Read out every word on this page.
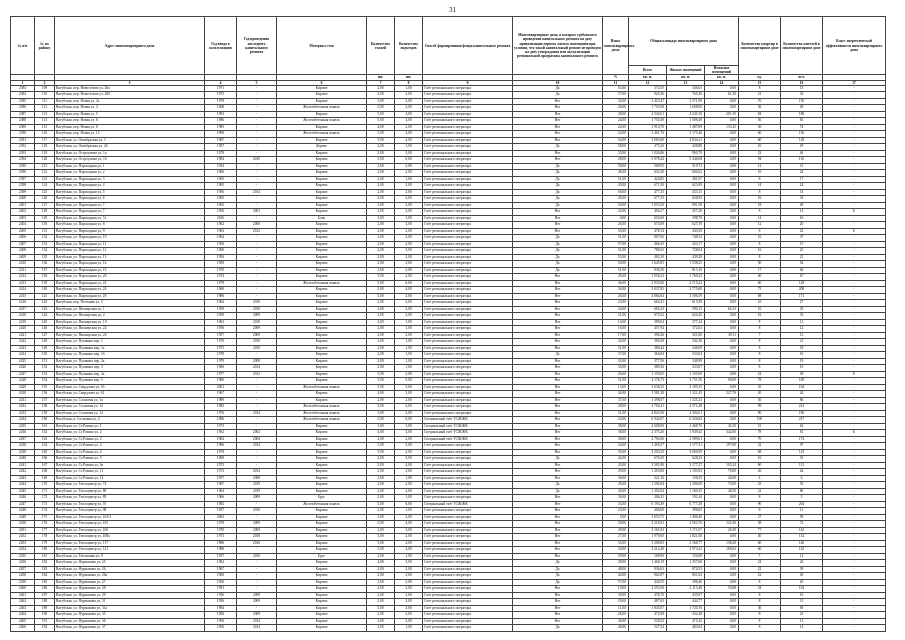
31
№ п/п	№ по району	Адрес многоквартирного дома	Год ввода в эксплуатацию	Год проведения последнего капитального ремонта	Материал стен	Количество этажей	Количество подъездов	Способ формирования фонда капитального ремонта	Многоквартирные дома, в которых требовалось проведение капитального ремонта на дату приватизации первого жилого помещения при условии, что такой капитальный ремонт не проведен на дату утверждения или актуализации региональной программы капитального ремонта	Износ многоквартирного дома	Общая площадь многоквартирного дома			Количество квартир в многоквартирном доме	Количество жителей в многоквартирном доме	Класс энергетической эффективности многоквартирного дома
											Всего	Жилых помещений	Нежилых помещений			
						шт.	шт.			%	кв. м.	кв. м.	кв. м.	ед.	чел.	
1	2	3	4	5	6	7	8	9	10	11	12	13	14	15	16	17
2383	109	Вагубская, пер. Новосёлова ул, 26а	1971	-	Кирпич	2,00	1,00	Счёт регионального оператора	Да	63,00	374,55	346,63	0,00	8	13	-
2384	110	Вагубская, пер. Новосёлова ул, 26б	1975	-	Кирпич	2,00	2,00	Счёт регионального оператора	Да	57,00	925,36	765,36	61,40	21	33	-
2385	111	Вагубская, пер. Новая ул, 2а	1978	-	Кирпич	5,00	2,00	Счёт регионального оператора	Нет	32,00	3 423,47	3 271,99	0,00	70	150	-
2386	112	Вагубская, пер. Новая ул, 4	1968	-	Железобетонная панель	5,00	2,00	Счёт регионального оператора	Нет	26,00	1 750,58	1 608,00	0,00	36	49	-
2387	113	Вагубская, пер. Новая ул, 5	1983	-	Кирпич	5,00	4,00	Счёт регионального оператора	Нет	28,00	4 542,61	4 241,50	201,50	84	180	-
2388	114	Вагубская, пер. Новая ул, 6	1986	-	Железобетонная панель	5,00	2,00	Счёт регионального оператора	Нет	24,00	1 754,49	1 588,49	0,00	36	65	-
2389	115	Вагубская, пер. Новая ул, 8	1985	-	Кирпич	4,00	2,00	Счёт регионального оператора	Нет	24,00	1 910,70	1 487,89	133,45	36	74	-
2390	116	Вагубская, пер. Новая ул, 12	1990	-	Железобетонная панель	5,00	4,00	Счёт регионального оператора	Нет	23,00	3 461,76	3 173,46	0,00	60	156	-
2391	117	Вагубская, ул. Октябрьская ул, 1	1967	-	Кирпич	5,00	4,00	Счёт регионального оператора	Нет	34,00	3 063,00	2 834,41	0,00	60	128	-
2392	118	Вагубская, ул. Октябрьская ул, 2б	1957	-	Дерево	2,00	1,00	Счёт регионального оператора	Да	58,00	475,20	438,88	0,00	10	18	-
2393	119	Вагубская, ул. Остроумова ул, 1а	1979	-	Кирпич	3,00	3,00	Счёт регионального оператора	Нет	33,00	1 026,86	960,70	0,00	22	46	-
2394	120	Вагубская, ул. Остроумова ул, 1б	1984	2010	Кирпич	5,00	6,00	Счёт регионального оператора	Нет	28,00	5 978,42	5 246,08	0,00	94	116	-
2395	121	Вагубская, ул. Пароходная ул, 1	1954	-	Кирпич	2,00	2,00	Счёт регионального оператора	Да	58,00	569,95	519,72	0,00	12	21	-
2396	122	Вагубская, ул. Пароходная ул, 2	1966	-	Кирпич	2,00	2,00	Счёт регионального оператора	Да	46,00	632,30	604,62	0,00	16	24	-
2397	123	Вагубская, ул. Пароходная ул, 3	1965	-	Кирпич	2,00	1,00	Счёт регионального оператора	Да	51,00	424,85	381,97	0,00	8	17	-
2398	124	Вагубская, ул. Пароходная ул, 4	1965	-	Кирпич	2,00	2,00	Счёт регионального оператора	Да	45,00	671,50	623,09	0,00	14	24	-
2399	125	Вагубская, ул. Пароходная ул, 5	1956	2014	Кирпич	2,00	2,00	Счёт регионального оператора	Да	56,00	477,25	433,15	0,00	8	14	-
2400	126	Вагубская, ул. Пароходная ул, 6	1965	-	Кирпич	2,00	2,00	Счёт регионального оператора	Да	45,00	677,25	626,93	0,00	16	33	-
2401	127	Вагубская, ул. Пароходная ул, 7	1963	-	Кирпич	3,00	2,00	Счёт регионального оператора	Да	50,00	1 053,50	981,50	0,00	18	48	-
2402	128	Вагубская, ул. Пароходная ул, 7	1956	2001	Кирпич	2,00	2,00	Счёт регионального оператора	Нет	32,00	494,27	457,28	0,00	8	14	Е
2403	129	Вагубская, ул. Пароходная ул, 7а	2016	-	Блок	3,00	1,00	Счёт регионального оператора	Нет	0,00	654,60	598,70	0,00	14	16	-
2404	130	Вагубская, ул. Пароходная ул, 8	1962	2000	Кирпич	2,00	2,00	Счёт регионального оператора	Нет	26,00	674,89	627,59	0,00	12	20	-
2405	131	Вагубская, ул. Пароходная ул, 9	1963	2012	Кирпич	2,00	2,00	Счёт регионального оператора	Нет	33,00	478,14	443,50	0,00	8	22	Е
2406	132	Вагубская, ул. Пароходная ул, 10	1964	-	Кирпич	2,00	2,00	Счёт регионального оператора	Да	51,00	807,06	748,52	0,00	16	37	-
2407	133	Вагубская, ул. Пароходная ул, 11	1956	-	Кирпич	2,00	2,00	Счёт регионального оператора	Да	57,00	466,45	433,17	0,00	8	15	-
2408	134	Вагубская, ул. Пароходная ул, 12	1960	-	Кирпич	2,00	2,00	Счёт регионального оператора	Да	51,00	786,03	728,04	0,00	16	25	-
2409	135	Вагубская, ул. Пароходная ул, 13	1956	-	Кирпич	2,00	2,00	Счёт регионального оператора	Да	55,00	482,30	439,28	0,00	8	21	-
2410	136	Вагубская, ул. Пароходная ул, 14	1969	-	Кирпич	2,00	2,00	Счёт регионального оператора	Да	50,00	1 645,85	1 538,25	0,00	30	54	-
2411	137	Вагубская, ул. Пароходная ул, 15	1970	-	Кирпич	2,00	2,00	Счёт регионального оператора	Да	51,00	936,30	813,10	0,00	17	40	-
2412	138	Вагубская, ул. Пароходная ул, 20	1974	-	Кирпич	5,00	2,00	Счёт регионального оператора	Нет	45,00	1 956,23	1 760,23	0,00	40	67	-
2413	139	Вагубская, ул. Пароходная ул, 22	1979	-	Железобетонная панель	5,00	6,00	Счёт регионального оператора	Нет	36,00	2 935,00	2 715,22	0,00	60	128	-
2414	140	Вагубская, ул. Пароходная ул, 24	1960	-	Кирпич	5,00	4,00	Счёт регионального оператора	Нет	34,00	3 037,83	2 775,00	0,00	75	208	-
2415	141	Вагубская, ул. Пароходная ул, 26	1986	-	Кирпич	5,00	2,00	Счёт регионального оператора	Нет	26,00	4 884,64	3 506,59	0,00	68	171	-
2416	142	Вагубская, пер. Песчаная ул, 5	1964	2010	Кирпич	2,00	2,00	Счёт регионального оператора	Нет	23,00	662,41	615,58	0,00	16	27	-
2417	143	Вагубская, ул. Пионерская ул, 1	1959	2010	Кирпич	2,00	2,00	Счёт регионального оператора	Нет	34,00	682,33	590,15	62,53	16	35	-
2418	144	Вагубская, ул. Пионерская ул, 2	1959	2009	Кирпич	2,00	2,00	Счёт регионального оператора	Нет	31,00	670,52	624,20	0,00	16	33	-
2419	145	Вагубская, ул. Пионерская ул, 10	1963	2010	Кирпич	2,00	1,00	Счёт регионального оператора	Нет	14,00	389,04	377,44	0,00	8	12	-
2420	146	Вагубская, ул. Пионерская ул, 22	1956	2009	Кирпич	2,00	1,00	Счёт регионального оператора	Нет	16,00	457,94	372,63	0,00	8	12	-
2421	147	Вагубская, ул. Пионерская ул, 24	1957	2009	Кирпич	2,00	2,00	Счёт регионального оператора	Нет	17,00	396,26	321,80	39,11	7	13	-
2422	148	Вагубская, ул. Пушкина пер, 1	1970	2010	Кирпич	2,00	1,00	Счёт регионального оператора	Нет	32,00	369,29	342,30	0,00	8	21	-
2423	149	Вагубская, ул. Пушкина пер, 1а	1975	2010	Кирпич	2,00	1,00	Счёт регионального оператора	Нет	31,00	380,44	346,09	0,00	8	18	-
2424	150	Вагубская, ул. Пушкина пер, 1б	1978	-	Кирпич	2,00	1,00	Счёт регионального оператора	Да	37,00	364,84	333,04	0,00	8	16	-
2425	151	Вагубская, ул. Пушкина пер, 2а	1979	2009	Кирпич	2,00	1,00	Счёт регионального оператора	Нет	33,00	377,56	348,99	0,00	8	19	-
2426	152	Вагубская, ул. Пушкина пер, 3	1960	2014	Кирпич	2,00	1,00	Счёт регионального оператора	Нет	35,00	380,36	333,07	0,00	8	19	-
2427	153	Вагубская, ул. Пушкина пер, 3а	1977	2012	Кирпич	5,00	2,00	Счёт регионального оператора	Нет	26,00	1 159,65	1 105,69	0,00	24	49	Е
2428	154	Вагубская, ул. Пушкина пер, 5	1980	-	Кирпич	5,00	5,00	Счёт регионального оператора	Нет	31,00	4 176,73	3 731,56	90,00	78	169	-
2429	155	Вагубская, ул. Свердлова ул, 5б	2001	-	Железобетонная панель	5,00	5,00	Счёт регионального оператора	Нет	13,00	2 636,55	2 185,55	0,00	45	104	-
2430	156	Вагубская, ул. Свердлова ул, 61	1967	-	Кирпич	4,00	3,00	Счёт регионального оператора	Нет	44,00	1 581,38	1 321,45	227,70	20	42	-
2431	157	Вагубская, ул. Сосновая ул, 1а	1989	-	Кирпич	2,00	2,00	Счёт регионального оператора	Нет	37,00	1 398,07	1 325,23	0,00	36	86	-
2432	158	Вагубская, ул. Сосновая ул, 14	1982	-	Железобетонная панель	5,00	2,00	Счёт регионального оператора	Нет	28,00	4 704,41	4 371,48	0,00	99	214	-
2433	159	Вагубская, ул. Сосновая ул, 14	1976	2014	Железобетонная панель	5,00	2,00	Счёт регионального оператора	Нет	31,00	4 823,56	4 394,01	0,00	90	190	-
2434	160	Вагубская, п. Сосновая ул, 4	1986	-	Железобетонная панель	5,00	6,00	Специальный счёт ТСЖ/ЖК	Нет	22,00	6 942,87	6 326,82	0,00	100	217	-
2435	161	Вагубская, ул. Ст.Разина ул, 1	1973	-	Кирпич	3,00	1,00	Специальный счёт ТСЖ/ЖК	Нет	38,00	2 608,00	2 468,70	42,50	51	62	-
2436	162	Вагубская, ул. Ст.Разина ул, 2	1962	2002	Кирпич	4,00	2,00	Специальный счёт ТСЖ/ЖК	Нет	38,00	2 375,20	1 949,42	342,00	78	81	Е
2437	163	Вагубская, ул. Ст.Разина ул, 2	1962	2004	Кирпич	4,00	2,00	Специальный счёт ТСЖ/ЖК	Нет	30,00	2 792,60	2 589,01	0,00	70	174	-
2438	164	Вагубская, ул. Ст.Разина ул, 3	1986	2014	Кирпич	5,00	5,00	Счёт регионального оператора	Нет	34,00	1 405,57	1 177,31	197,00	32	97	-
2439	165	Вагубская, ул. Ст.Разина ул, 4	1978	-	Кирпич	5,00	2,00	Счёт регионального оператора	Нет	35,00	3 203,25	3 060,50	0,00	68	123	-
2440	166	Вагубская, ул. Ст.Разина ул, 5	1969	-	Кирпич	2,00	2,00	Счёт регионального оператора	Да	42,00	676,30	628,23	0,00	16	35	-
2441	167	Вагубская, ул. Ст.Разина ул, 6а	1973	-	Кирпич	5,00	4,00	Счёт регионального оператора	Нет	43,00	3 381,88	3 177,27	103,24	60	131	-
2442	168	Вагубская, ул. Ст.Разина ул, 11	1972	2014	Кирпич	2,00	2,00	Счёт регионального оператора	Нет	29,00	1 203,00	1 103,92	70,00	26	44	-
2443	169	Вагубская, ул. Ст.Разина ул, 14	1957	2008	Кирпич	2,00	1,00	Счёт регионального оператора	Нет	36,00	221,10	156,55	44,00	4	6	-
2444	170	Вагубская, ул. Теплоцентр ул, 72	1967	2019	Кирпич	2,00	2,00	Счёт регионального оператора	Да	45,00	1 292,04	1 206,00	75,00	25	35	-
2445	171	Вагубская, ул. Теплоцентр ул, 80	1964	2019	Кирпич	2,00	2,00	Счёт регионального оператора	Да	45,00	1 292,04	1 160,35	48,50	22	60	-
2446	172	Вагубская, ул. Теплоцентр ул, 89	1966	2009	Брус	2,00	1,00	Счёт регионального оператора	Нет	36,00	206,25	191,44	0,00	8	5	-
2447	173	Вагубская, ул. Теплоцентр ул, 91	1982	-	Железобетонная панель	5,00	6,00	Специальный счёт ТСЖ/ЖК	Нет	33,00	6 193,49	6 777,28	0,00	90	204	-
2448	174	Вагубская, ул. Теплоцентр ул, 98	1957	2016	Кирпич	2,00	1,00	Счёт регионального оператора	Нет	23,00	406,00	398,65	0,00	8	11	-
2449	175	Вагубская, ул. Теплоцентр ул, 102/3	2002	-	Кирпич	3,00	2,00	Счёт регионального оператора	Нет	5,00	1 653,75	1 486,40	0,00	27	58	-
2450	176	Вагубская, ул. Теплоцентр ул, 103	1979	2009	Кирпич	5,00	4,00	Счёт регионального оператора	Нет	30,00	3 218,53	3 563,70	121,00	58	72	-
2451	177	Вагубская, ул. Теплоцентр ул, 106	1970	2009	Кирпич	2,00	3,00	Счёт регионального оператора	Нет	29,00	2 161,02	1 171,07	26,50	77	143	-
2452	178	Вагубская, ул. Теплоцентр ул, 108а	1973	2018	Кирпич	5,00	2,00	Счёт регионального оператора	Нет	27,00	1 979,00	1 821,08	0,00	40	132	-
2453	179	Вагубская, ул. Теплоцентр ул, 117	1980	2016	Кирпич	5,00	4,00	Счёт регионального оператора	Нет	33,00	3 208,83	2 168,77	138,28	60	146	-
2454	180	Вагубская, ул. Теплоцентр ул, 121	1988	-	Кирпич	5,00	4,00	Счёт регионального оператора	Нет	29,00	3 212,40	2 973,22	169,02	60	125	-
2455	181	Вагубская, ул. Тепличная ул, 9	1957	2016	Брус	2,00	1,00	Счёт регионального оператора	Нет	29,00	168,90	154,08	0,00	7	12	-
2456	182	Вагубская, ул. Фурманова ул, 25	1962	-	Кирпич	4,00	2,00	Счёт регионального оператора	Да	38,00	1 468,19	1 357,68	0,00	24	42	-
2457	183	Вагубская, ул. Фурманова ул, 26	1967	-	Кирпич	2,00	2,00	Счёт регионального оператора	Да	48,00	936,63	874,53	0,00	22	39	-
2458	184	Вагубская, ул. Фурманова ул, 26а	1960	-	Кирпич	2,00	2,00	Счёт регионального оператора	Да	44,00	962,87	861,02	0,00	22	49	-
2459	185	Вагубская, ул. Фурманова ул, 27	1956	-	Кирпич	2,00	2,00	Счёт регионального оператора	Да	57,00	440,55	398,40	0,00	8	20	-
2460	186	Вагубская, ул. Фурманова ул, 28	1991	-	Кирпич	4,00	3,00	Счёт регионального оператора	Нет	19,00	2 253,56	2 113,46	55,88	54	104	-
2461	187	Вагубская, ул. Фурманова ул, 29	1956	2009	Кирпич	2,00	2,00	Счёт регионального оператора	Нет	30,00	476,70	435,07	0,00	8	16	-
2462	188	Вагубская, ул. Фурманова ул, 31	1956	2009	Кирпич	2,00	2,00	Счёт регионального оператора	Нет	29,00	487,63	444,77	0,00	8	13	-
2463	189	Вагубская, ул. Фурманова ул, 31а	1984	-	Кирпич	5,00	3,00	Счёт регионального оператора	Нет	11,00	1 845,07	1 720,76	0,00	36	69	-
2464	190	Вагубская, ул. Фурманова ул, 35	1956	2009	Кирпич	2,00	2,00	Счёт регионального оператора	Нет	26,00	472,09	432,48	0,00	8	23	-
2465	191	Вагубская, ул. Фурманова ул, 36	1956	2014	Кирпич	2,00	2,00	Счёт регионального оператора	Нет	36,00	520,52	475,42	0,00	8	13	-
2466	192	Вагубская, ул. Фурманова ул, 37	1956	2014	Кирпич	2,00	1,00	Счёт регионального оператора	Да	40,00	527,54	483,04	0,00	8	14	-
